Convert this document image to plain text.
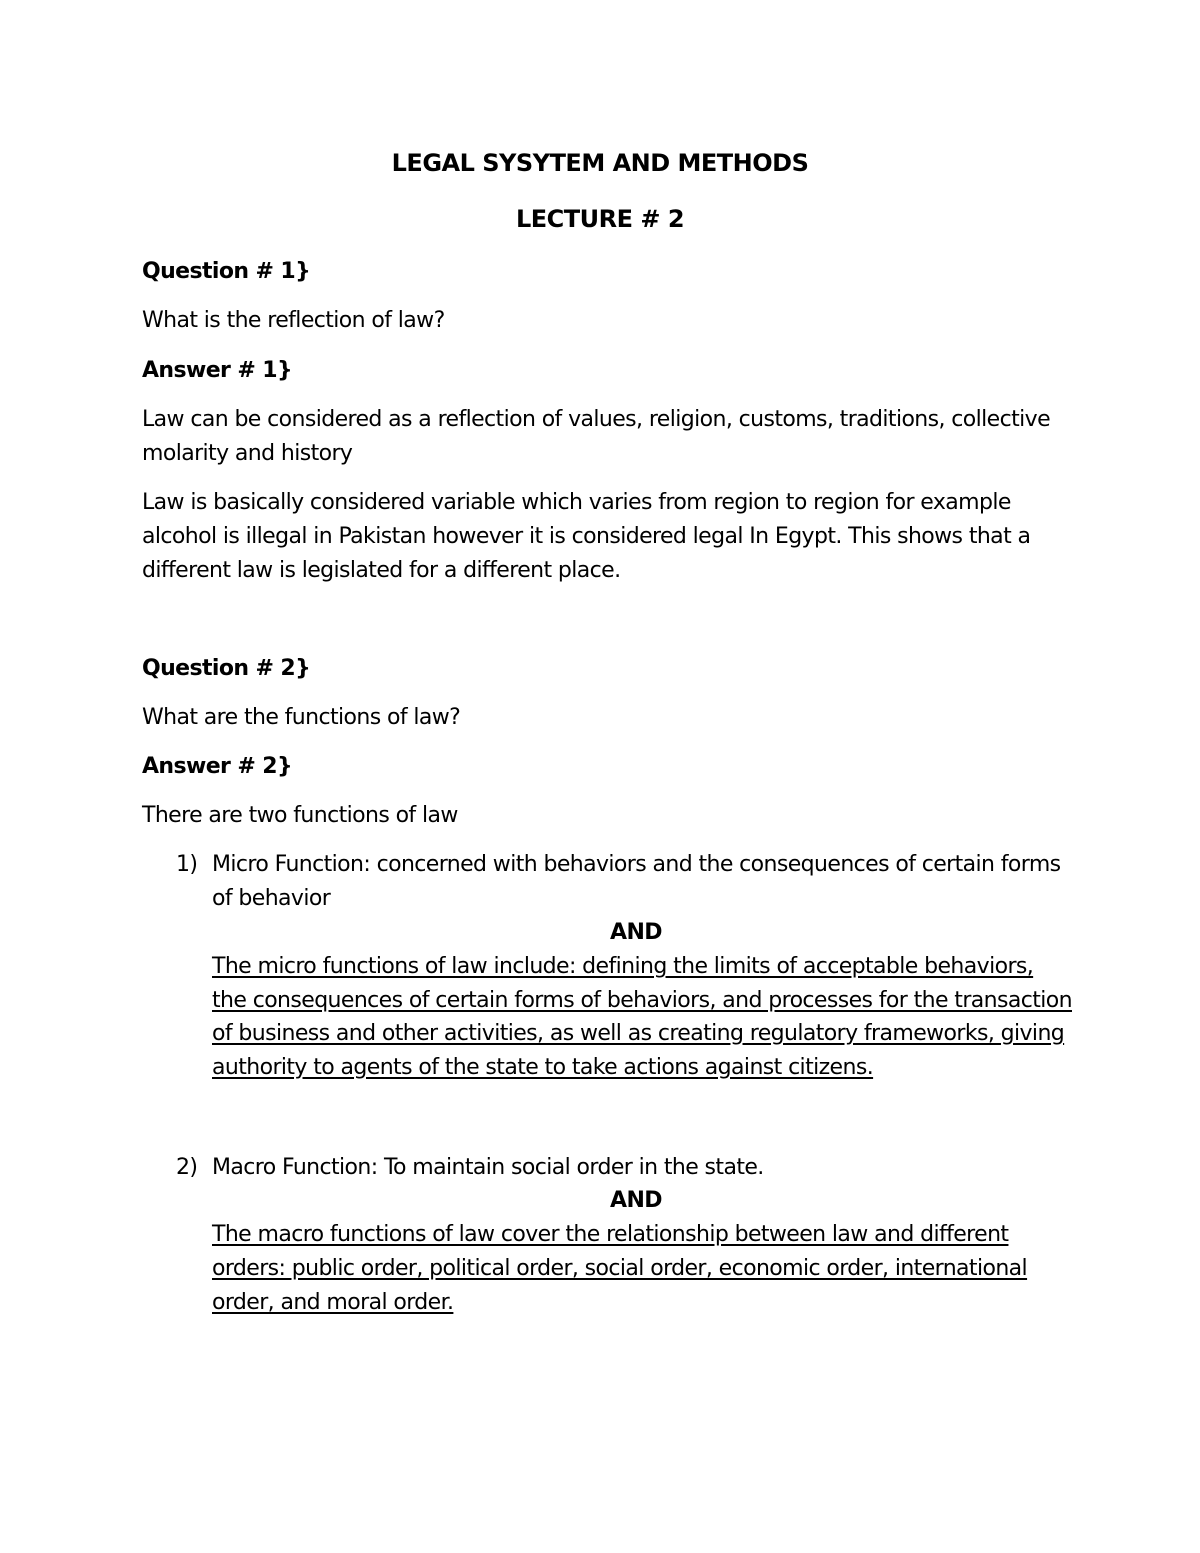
LEGAL SYSYTEM AND METHODS
LECTURE # 2
Question # 1}
What is the reflection of law?
Answer # 1}
Law can be considered as a reflection of values, religion, customs, traditions, collective
molarity and history
Law is basically considered variable which varies from region to region for example
alcohol is illegal in Pakistan however it is considered legal In Egypt. This shows that a
different law is legislated for a different place.
Question # 2}
What are the functions of law?
Answer # 2}
There are two functions of law
1) Micro Function: concerned with behaviors and the consequences of certain forms
of behavior
AND
The micro functions of law include: defining the limits of acceptable behaviors,
the consequences of certain forms of behaviors, and processes for the transaction
of business and other activities, as well as creating regulatory frameworks, giving
authority to agents of the state to take actions against citizens.
2) Macro Function: To maintain social order in the state.
AND
The macro functions of law cover the relationship between law and different
orders: public order, political order, social order, economic order, international
order, and moral order.
